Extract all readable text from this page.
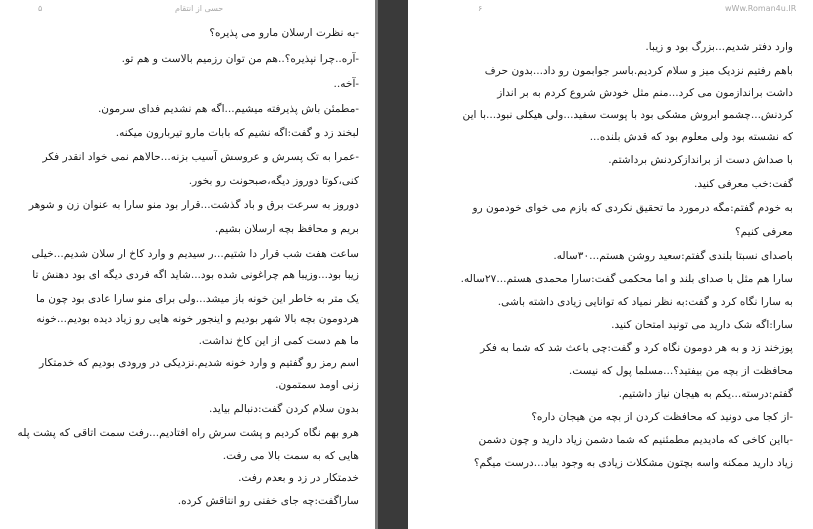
۵	حسی از انتقام
-به نظرت ارسلان مارو می پذیره؟
-آره..چرا نپذیره؟..هم من توان رزمیم بالاست و هم تو.
-آخه..
-مطمئن باش پذیرفته میشیم...اگه هم نشدیم فدای سرمون.
لبخند زد و گفت:اگه نشیم که بابات مارو تیربارون میکنه.
-عمرا به تک پسرش و عروسش آسیب بزنه...حالاهم نمی خواد انقدر فکر
کنی،کوتا دوروز دیگه،صبحونت رو بخور.
دوروز به سرعت برق و باد گذشت...قرار بود منو سارا به عنوان زن و شوهر
بریم و محافظ بچه ارسلان بشیم.
ساعت هفت شب قرار دا شتیم...ر سیدیم و وارد کاخ ار سلان شدیم...خیلی
زیبا بود...وزیبا هم چراغونی شده بود...شاید اگه فردی دیگه ای بود دهنش تا
یک متر به خاطر این خونه باز میشد...ولی برای منو سارا عادی بود چون ما
هردومون بچه بالا شهر بودیم و اینجور خونه هایی رو زیاد دیده بودیم...خونه
ما هم دست کمی از این کاخ نداشت.
اسم رمز رو گفتیم و وارد خونه شدیم.نزدیکی در ورودی بودیم که خدمتکار
زنی اومد سمتمون.
بدون سلام کردن گفت:دنبالم بیاید.
هرو بهم نگاه کردیم و پشت سرش راه افتادیم...رفت سمت اتاقی که پشت پله
هایی که به سمت بالا می رفت.
خدمتکار در زد و بعدم رفت.
ساراگفت:چه جای خفنی رو انتاقش کرده.
۶	wWw.Roman4u.IR
وارد دفتر شدیم...بزرگ بود و زیبا.
باهم رفتیم نزدیک میز و سلام کردیم.باسر جوابمون رو داد...بدون حرف
داشت براندازمون می کرد...منم مثل خودش شروع کردم به بر انداز
کردنش...چشمو ابروش مشکی بود با پوست سفید...ولی هیکلی نبود...با این
که نشسته بود ولی معلوم بود که قدش بلنده...
با صداش دست از براندازکردنش برداشتم.
گفت:خب معرفی کنید.
به خودم گفتم:مگه درمورد ما تحقیق نکردی که بازم می خوای خودمون رو
معرفی کنیم؟
باصدای نسبتا بلندی گفتم:سعید روشن هستم...۳۰ساله.
سارا هم مثل با صدای بلند و اما محکمی گفت:سارا محمدی هستم...۲۷ساله.
به سارا نگاه کرد و گفت:به نظر نمیاد که توانایی زیادی داشته باشی.
سارا:اگه شک دارید می تونید امتحان کنید.
پوزخند زد و به هر دومون نگاه کرد و گفت:چی باعث شد که شما به فکر
محافظت از بچه من بیفتید؟...مسلما پول که نیست.
گفتم:درسته...یکم به هیجان نیاز داشتیم.
-از کجا می دونید که محافظت کردن از بچه من هیجان داره؟
-بااین کاخی که مادیدیم مطمئنیم که شما دشمن زیاد دارید و چون دشمن
زیاد دارید ممکنه واسه بچتون مشکلات زیادی به وجود بیاد...درست میگم؟
